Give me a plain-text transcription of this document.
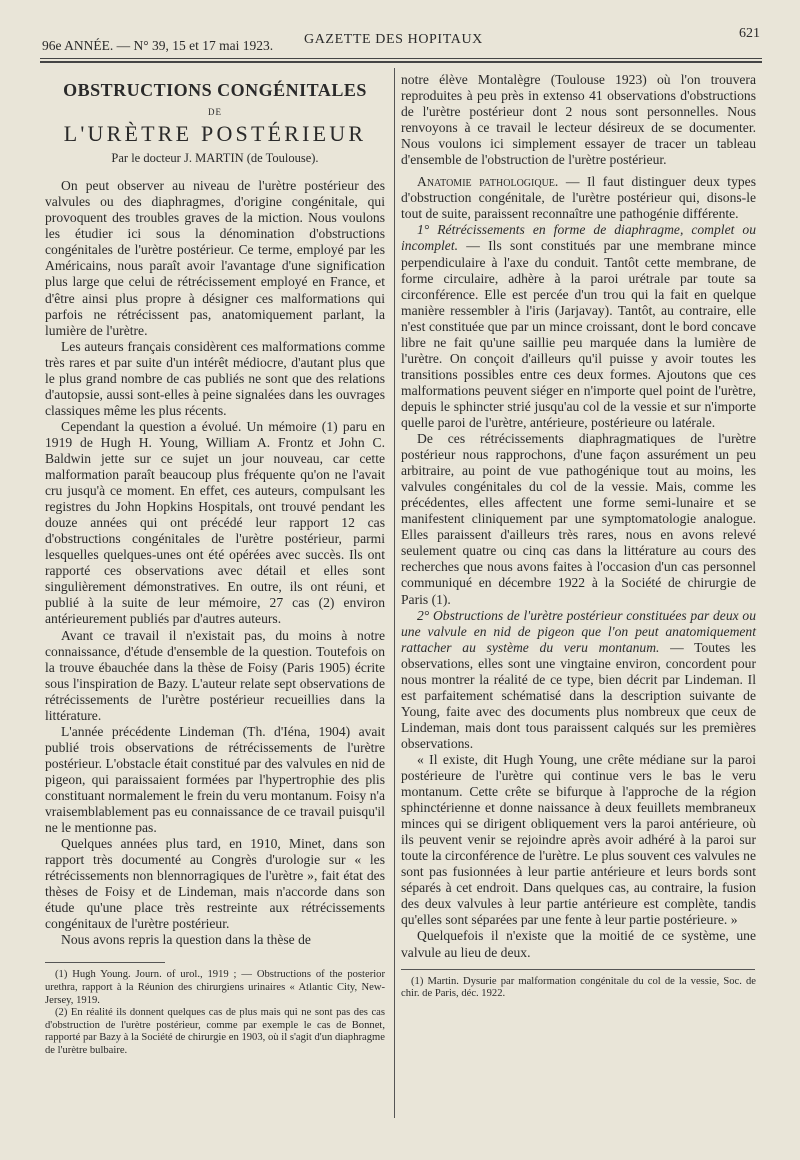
96e ANNÉE. — N° 39, 15 et 17 mai 1923. GAZETTE DES HOPITAUX	621
OBSTRUCTIONS CONGÉNITALES
DE
L'URÈTRE POSTÉRIEUR
Par le docteur J. MARTIN (de Toulouse).

On peut observer au niveau de l'urètre postérieur des valvules ou des diaphragmes, d'origine congénitale, qui provoquent des troubles graves de la miction. Nous voulons les étudier ici sous la dénomination d'obstructions congénitales de l'urètre postérieur. Ce terme, employé par les Américains, nous paraît avoir l'avantage d'une signification plus large que celui de rétrécissement employé en France, et d'être ainsi plus propre à désigner ces malformations qui parfois ne rétrécissent pas, anatomiquement parlant, la lumière de l'urètre.

Les auteurs français considèrent ces malformations comme très rares et par suite d'un intérêt médiocre, d'autant plus que le plus grand nombre de cas publiés ne sont que des relations d'autopsie, aussi sont-elles à peine signalées dans les ouvrages classiques même les plus récents.

Cependant la question a évolué. Un mémoire (1) paru en 1919 de Hugh H. Young, William A. Frontz et John C. Baldwin jette sur ce sujet un jour nouveau, car cette malformation paraît beaucoup plus fréquente qu'on ne l'avait cru jusqu'à ce moment. En effet, ces auteurs, compulsant les registres du John Hopkins Hospitals, ont trouvé pendant les douze années qui ont précédé leur rapport 12 cas d'obstructions congénitales de l'urètre postérieur, parmi lesquelles quelques-unes ont été opérées avec succès. Ils ont rapporté ces observations avec détail et elles sont singulièrement démonstratives. En outre, ils ont réuni, et publié à la suite de leur mémoire, 27 cas (2) environ antérieurement publiés par d'autres auteurs.

Avant ce travail il n'existait pas, du moins à notre connaissance, d'étude d'ensemble de la question. Toutefois on la trouve ébauchée dans la thèse de Foisy (Paris 1905) écrite sous l'inspiration de Bazy. L'auteur relate sept observations de rétrécissements de l'urètre postérieur recueillies dans la littérature.

L'année précédente Lindeman (Th. d'Iéna, 1904) avait publié trois observations de rétrécissements de l'urètre postérieur. L'obstacle était constitué par des valvules en nid de pigeon, qui paraissaient formées par l'hypertrophie des plis constituant normalement le frein du veru montanum. Foisy n'a vraisemblablement pas eu connaissance de ce travail puisqu'il ne le mentionne pas.

Quelques années plus tard, en 1910, Minet, dans son rapport très documenté au Congrès d'urologie sur « les rétrécissements non blennorragiques de l'urètre », fait état des thèses de Foisy et de Lindeman, mais n'accorde dans son étude qu'une place très restreinte aux rétrécissements congénitaux de l'urètre postérieur.

Nous avons repris la question dans la thèse de

(1) Hugh Young. Journ. of urol., 1919 ; — Obstructions of the posterior urethra, rapport à la Réunion des chirurgiens urinaires « Atlantic City, New-Jersey, 1919.

(2) En réalité ils donnent quelques cas de plus mais qui ne sont pas des cas d'obstruction de l'urètre postérieur, comme par exemple le cas de Bonnet, rapporté par Bazy à la Société de chirurgie en 1903, où il s'agit d'un diaphragme de l'urètre bulbaire.

notre élève Montalègre (Toulouse 1923) où l'on trouvera reproduites à peu près in extenso 41 observations d'obstructions de l'urètre postérieur dont 2 nous sont personnelles. Nous renvoyons à ce travail le lecteur désireux de se documenter. Nous voulons ici simplement essayer de tracer un tableau d'ensemble de l'obstruction de l'urètre postérieur.

Anatomie pathologique. — Il faut distinguer deux types d'obstruction congénitale, de l'urètre postérieur qui, disons-le tout de suite, paraissent reconnaître une pathogénie différente.

1° Rétrécissements en forme de diaphragme, complet ou incomplet. — Ils sont constitués par une membrane mince perpendiculaire à l'axe du conduit. Tantôt cette membrane, de forme circulaire, adhère à la paroi urétrale par toute sa circonférence. Elle est percée d'un trou qui la fait en quelque manière ressembler à l'iris (Jarjavay). Tantôt, au contraire, elle n'est constituée que par un mince croissant, dont le bord concave libre ne fait qu'une saillie peu marquée dans la lumière de l'urètre. On conçoit d'ailleurs qu'il puisse y avoir toutes les transitions possibles entre ces deux formes. Ajoutons que ces malformations peuvent siéger en n'importe quel point de l'urètre, depuis le sphincter strié jusqu'au col de la vessie et sur n'importe quelle paroi de l'urètre, antérieure, postérieure ou latérale.

De ces rétrécissements diaphragmatiques de l'urètre postérieur nous rapprochons, d'une façon assurément un peu arbitraire, au point de vue pathogénique tout au moins, les valvules congénitales du col de la vessie. Mais, comme les précédentes, elles affectent une forme semi-lunaire et se manifestent cliniquement par une symptomatologie analogue. Elles paraissent d'ailleurs très rares, nous en avons relevé seulement quatre ou cinq cas dans la littérature au cours des recherches que nous avons faites à l'occasion d'un cas personnel communiqué en décembre 1922 à la Société de chirurgie de Paris (1).

2° Obstructions de l'urètre postérieur constituées par deux ou une valvule en nid de pigeon que l'on peut anatomiquement rattacher au système du veru montanum. — Toutes les observations, elles sont une vingtaine environ, concordent pour nous montrer la réalité de ce type, bien décrit par Lindeman. Il est parfaitement schématisé dans la description suivante de Young, faite avec des documents plus nombreux que ceux de Lindeman, mais dont tous paraissent calqués sur les premières observations.

« Il existe, dit Hugh Young, une crête médiane sur la paroi postérieure de l'urètre qui continue vers le bas le veru montanum. Cette crête se bifurque à l'approche de la région sphinctérienne et donne naissance à deux feuillets membraneux minces qui se dirigent obliquement vers la paroi antérieure, où ils peuvent venir se rejoindre après avoir adhéré à la paroi sur toute la circonférence de l'urètre. Le plus souvent ces valvules ne sont pas fusionnées à leur partie antérieure et leurs bords sont séparés à cet endroit. Dans quelques cas, au contraire, la fusion des deux valvules à leur partie antérieure est complète, tandis qu'elles sont séparées par une fente à leur partie postérieure. »

Quelquefois il n'existe que la moitié de ce système, une valvule au lieu de deux.

(1) Martin. Dysurie par malformation congénitale du col de la vessie, Soc. de chir. de Paris, déc. 1922.
